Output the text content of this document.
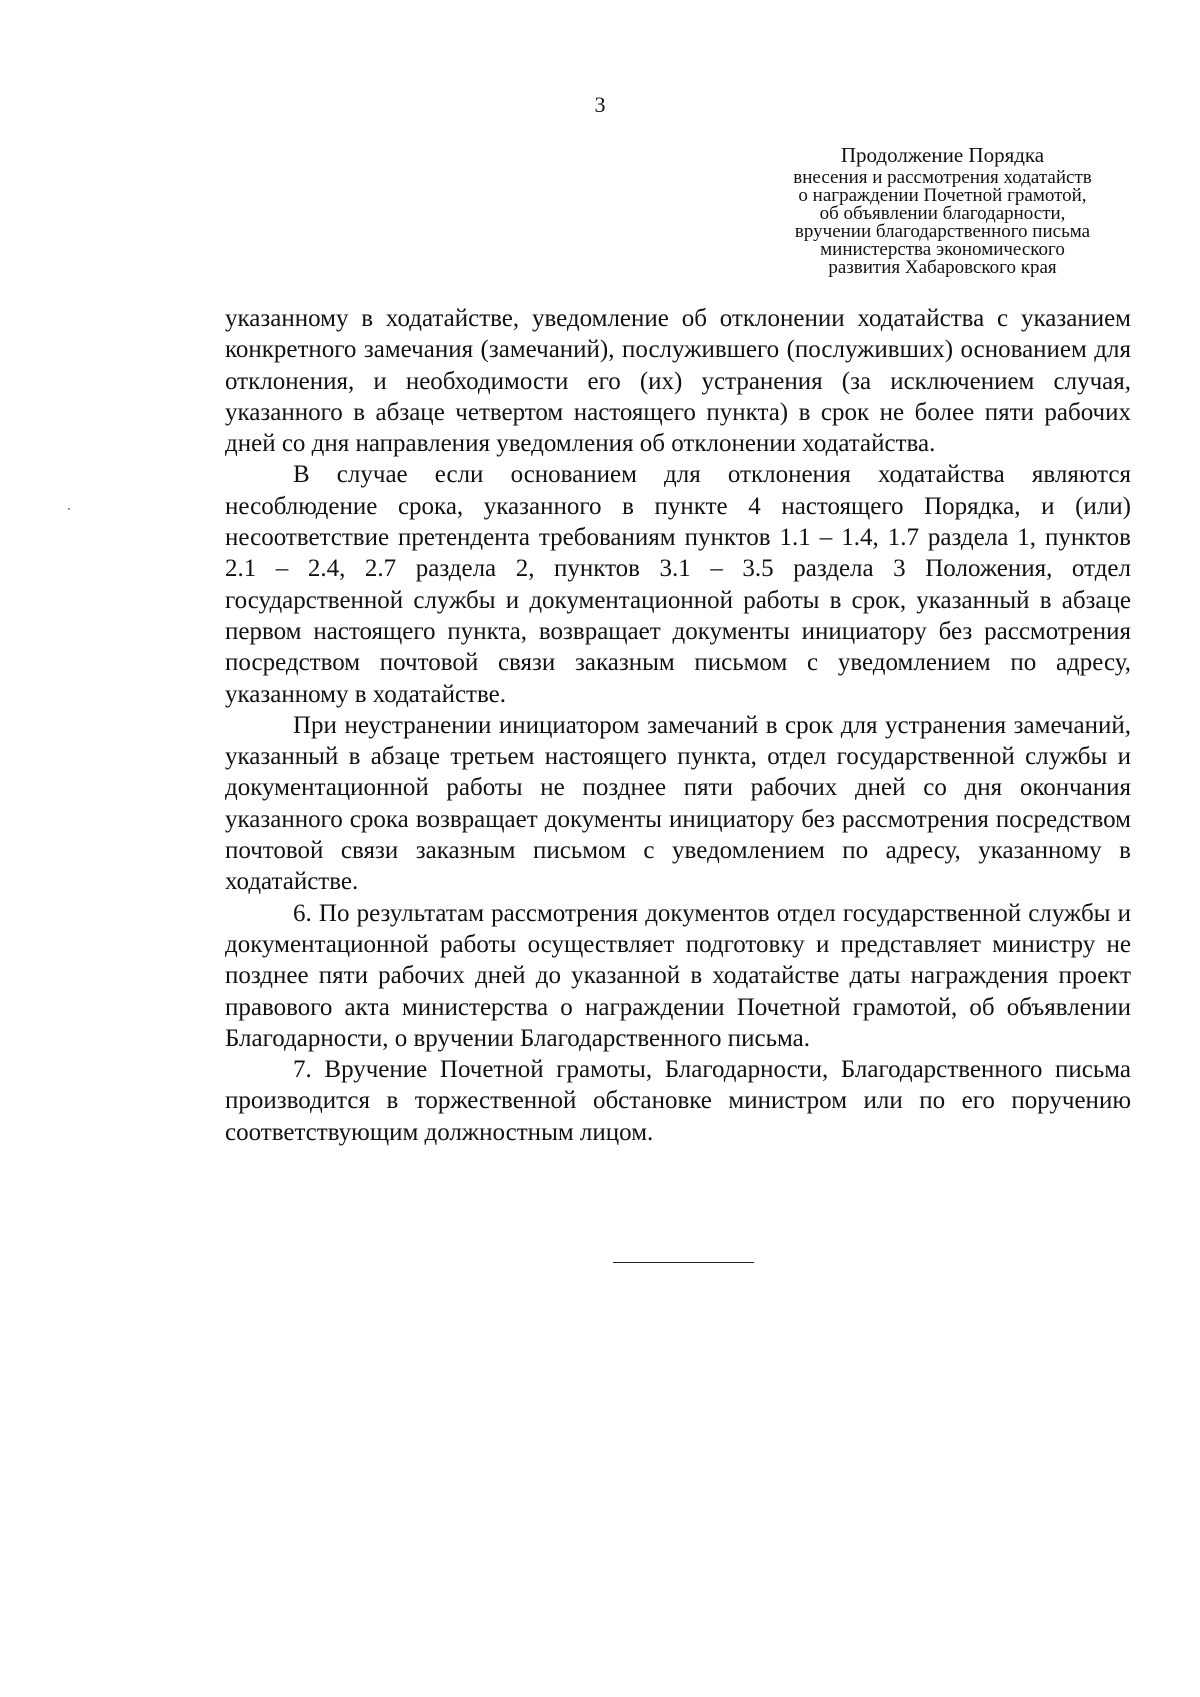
3
Продолжение Порядка
внесения и рассмотрения ходатайств
о награждении Почетной грамотой,
об объявлении благодарности,
вручении благодарственного письма
министерства экономического
развития Хабаровского края

указанному в ходатайстве, уведомление об отклонении ходатайства с указанием конкретного замечания (замечаний), послужившего (послуживших) основанием для отклонения, и необходимости его (их) устранения (за исключением случая, указанного в абзаце четвертом настоящего пункта) в срок не более пяти рабочих дней со дня направления уведомления об отклонении ходатайства.

В случае если основанием для отклонения ходатайства являются несоблюдение срока, указанного в пункте 4 настоящего Порядка, и (или) несоответствие претендента требованиям пунктов 1.1 – 1.4, 1.7 раздела 1, пунктов 2.1 – 2.4, 2.7 раздела 2, пунктов 3.1 – 3.5 раздела 3 Положения, отдел государственной службы и документационной работы в срок, указанный в абзаце первом настоящего пункта, возвращает документы инициатору без рассмотрения посредством почтовой связи заказным письмом с уведомлением по адресу, указанному в ходатайстве.

При неустранении инициатором замечаний в срок для устранения замечаний, указанный в абзаце третьем настоящего пункта, отдел государственной службы и документационной работы не позднее пяти рабочих дней со дня окончания указанного срока возвращает документы инициатору без рассмотрения посредством почтовой связи заказным письмом с уведомлением по адресу, указанному в ходатайстве.

6. По результатам рассмотрения документов отдел государственной службы и документационной работы осуществляет подготовку и представляет министру не позднее пяти рабочих дней до указанной в ходатайстве даты награждения проект правового акта министерства о награждении Почетной грамотой, об объявлении Благодарности, о вручении Благодарственного письма.

7. Вручение Почетной грамоты, Благодарности, Благодарственного письма производится в торжественной обстановке министром или по его поручению соответствующим должностным лицом.
